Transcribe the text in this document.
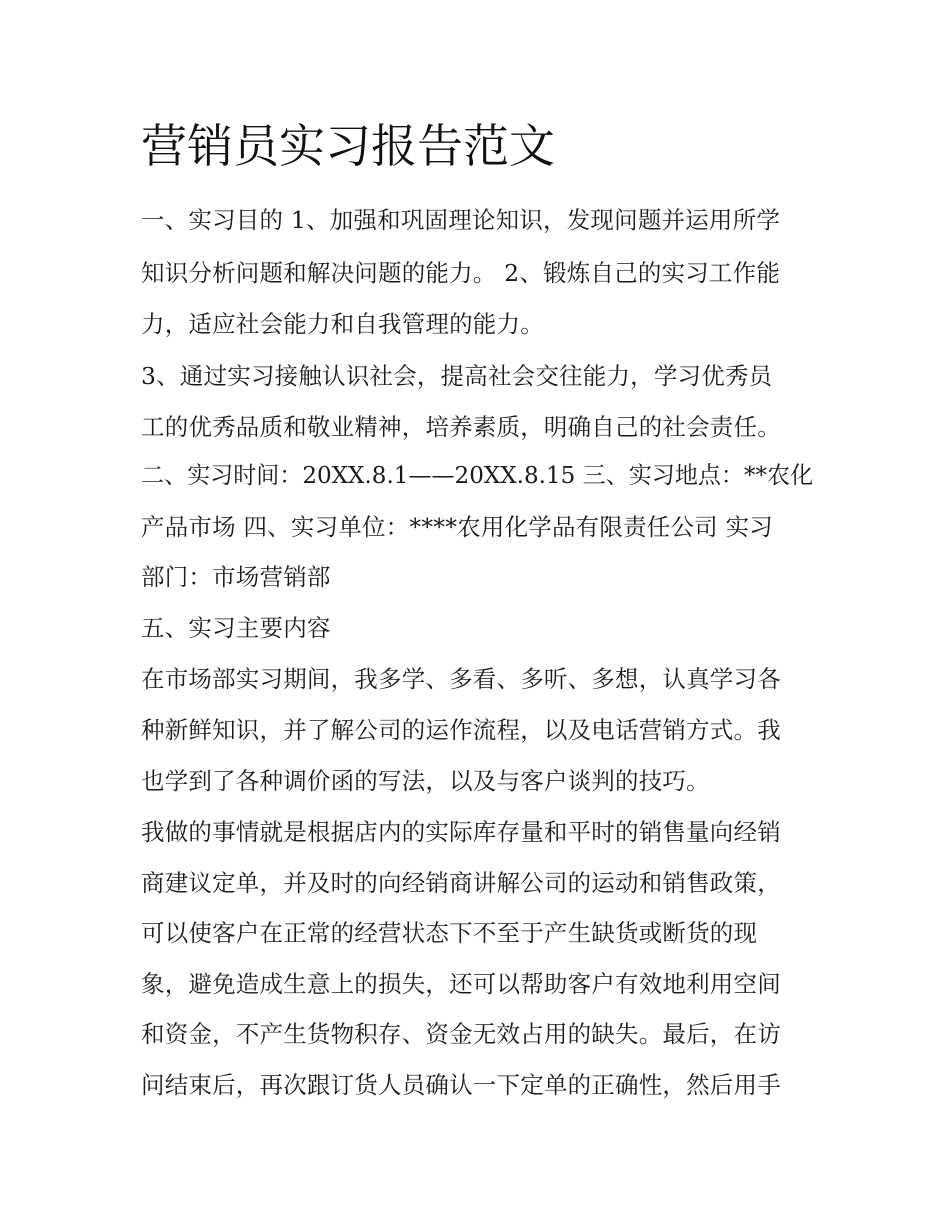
营销员实习报告范文
一、实习目的 1、加强和巩固理论知识，发现问题并运用所学
知识分析问题和解决问题的能力。 2、锻炼自己的实习工作能
力，适应社会能力和自我管理的能力。
3、通过实习接触认识社会，提高社会交往能力，学习优秀员
工的优秀品质和敬业精神，培养素质，明确自己的社会责任。
二、实习时间：20XX.8.1——20XX.8.15 三、实习地点：**农化
产品市场 四、实习单位：****农用化学品有限责任公司 实习
部门：市场营销部
五、实习主要内容
在市场部实习期间，我多学、多看、多听、多想，认真学习各
种新鲜知识，并了解公司的运作流程，以及电话营销方式。我
也学到了各种调价函的写法，以及与客户谈判的技巧。
我做的事情就是根据店内的实际库存量和平时的销售量向经销
商建议定单，并及时的向经销商讲解公司的运动和销售政策，
可以使客户在正常的经营状态下不至于产生缺货或断货的现
象，避免造成生意上的损失，还可以帮助客户有效地利用空间
和资金，不产生货物积存、资金无效占用的缺失。最后，在访
问结束后，再次跟订货人员确认一下定单的正确性，然后用手
